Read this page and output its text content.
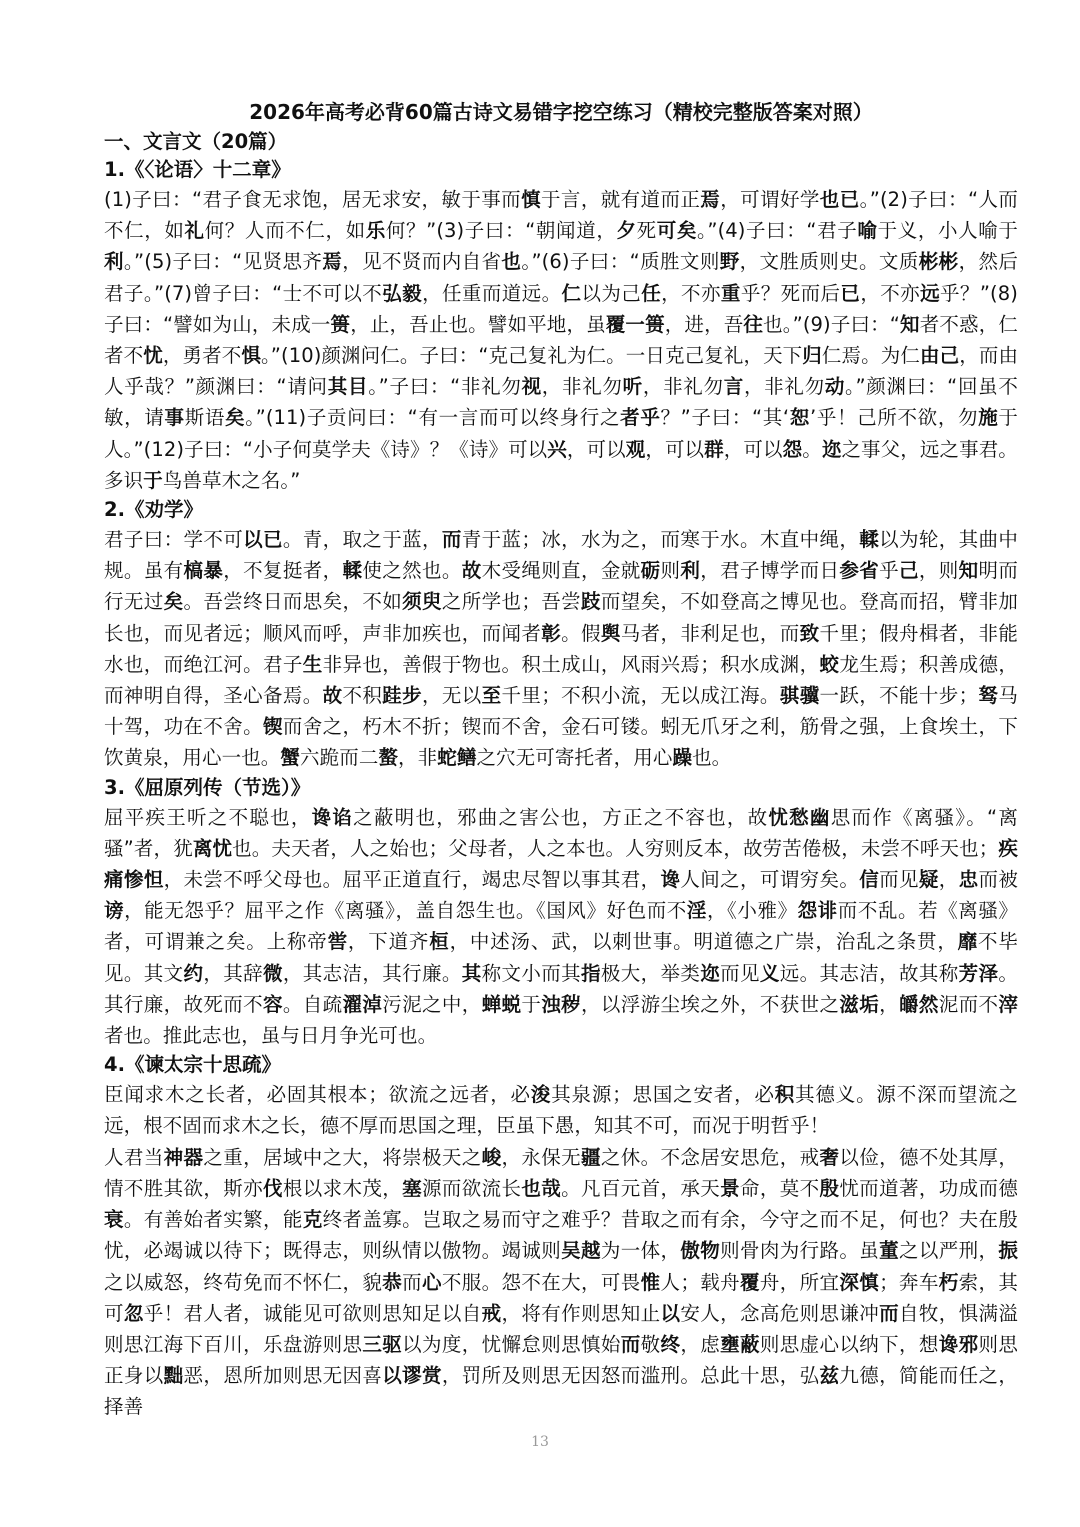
2026年高考必背60篇古诗文易错字挖空练习（精校完整版答案对照）
一、文言文（20篇）
1.《〈论语〉十二章》

(1)子曰：“君子食无求饱，居无求安，敏于事而慎于言，就有道而正焉，可谓好学也已。”(2)子曰：“人而不仁，如礼何？人而不仁，如乐何？”(3)子曰：“朝闻道，夕死可矣。”(4)子曰：“君子喻于义，小人喻于利。”(5)子曰：“见贤思齐焉，见不贤而内自省也。”(6)子曰：“质胜文则野，文胜质则史。文质彬彬，然后君子。”(7)曾子曰：“士不可以不弘毅，任重而道远。仁以为己任，不亦重乎？死而后已，不亦远乎？”(8)子曰：“譬如为山，未成一篑，止，吾止也。譬如平地，虽覆一篑，进，吾往也。”(9)子曰：“知者不惑，仁者不忧，勇者不惧。”(10)颜渊问仁。子曰：“克己复礼为仁。一日克己复礼，天下归仁焉。为仁由己，而由人乎哉？”颜渊曰：“请问其目。”子曰：“非礼勿视，非礼勿听，非礼勿言，非礼勿动。”颜渊曰：“回虽不敏，请事斯语矣。”(11)子贡问曰：“有一言而可以终身行之者乎？”子曰：“其‘恕’乎！己所不欲，勿施于人。”(12)子曰：“小子何莫学夫《诗》？《诗》可以兴，可以观，可以群，可以怨。迩之事父，远之事君。多识于鸟兽草木之名。”

2.《劝学》

君子曰：学不可以已。青，取之于蓝，而青于蓝；冰，水为之，而寒于水。木直中绳，輮以为轮，其曲中规。虽有槁暴，不复挺者，輮使之然也。故木受绳则直，金就砺则利，君子博学而日参省乎己，则知明而行无过矣。吾尝终日而思矣，不如须臾之所学也；吾尝跂而望矣，不如登高之博见也。登高而招，臂非加长也，而见者远；顺风而呼，声非加疾也，而闻者彰。假舆马者，非利足也，而致千里；假舟楫者，非能水也，而绝江河。君子生非异也，善假于物也。积土成山，风雨兴焉；积水成渊，蛟龙生焉；积善成德，而神明自得，圣心备焉。故不积跬步，无以至千里；不积小流，无以成江海。骐骥一跃，不能十步；驽马十驾，功在不舍。锲而舍之，朽木不折；锲而不舍，金石可镂。蚓无爪牙之利，筋骨之强，上食埃土，下饮黄泉，用心一也。蟹六跪而二螯，非蛇鳝之穴无可寄托者，用心躁也。

3.《屈原列传（节选）》

屈平疾王听之不聪也，谗谄之蔽明也，邪曲之害公也，方正之不容也，故忧愁幽思而作《离骚》。“离骚”者，犹离忧也。夫天者，人之始也；父母者，人之本也。人穷则反本，故劳苦倦极，未尝不呼天也；疾痛惨怛，未尝不呼父母也。屈平正道直行，竭忠尽智以事其君，谗人间之，可谓穷矣。信而见疑，忠而被谤，能无怨乎？屈平之作《离骚》，盖自怨生也。《国风》好色而不淫，《小雅》怨诽而不乱。若《离骚》者，可谓兼之矣。上称帝喾，下道齐桓，中述汤、武，以刺世事。明道德之广崇，治乱之条贯，靡不毕见。其文约，其辞微，其志洁，其行廉。其称文小而其指极大，举类迩而见义远。其志洁，故其称芳泽。其行廉，故死而不容。自疏濯淖污泥之中，蝉蜕于浊秽，以浮游尘埃之外，不获世之滋垢，皭然泥而不滓者也。推此志也，虽与日月争光可也。

4.《谏太宗十思疏》

臣闻求木之长者，必固其根本；欲流之远者，必浚其泉源；思国之安者，必积其德义。源不深而望流之远，根不固而求木之长，德不厚而思国之理，臣虽下愚，知其不可，而况于明哲乎！

人君当神器之重，居域中之大，将崇极天之峻，永保无疆之休。不念居安思危，戒奢以俭，德不处其厚，情不胜其欲，斯亦伐根以求木茂，塞源而欲流长也哉。凡百元首，承天景命，莫不殷忧而道著，功成而德衰。有善始者实繁，能克终者盖寡。岂取之易而守之难乎？昔取之而有余，今守之而不足，何也？夫在殷忧，必竭诚以待下；既得志，则纵情以傲物。竭诚则吴越为一体，傲物则骨肉为行路。虽董之以严刑，振之以威怒，终苟免而不怀仁，貌恭而心不服。怨不在大，可畏惟人；载舟覆舟，所宜深慎；奔车朽索，其可忽乎！君人者，诚能见可欲则思知足以自戒，将有作则思知止以安人，念高危则思谦冲而自牧，惧满溢则思江海下百川，乐盘游则思三驱以为度，忧懈怠则思慎始而敬终，虑壅蔽则思虚心以纳下，想谗邪则思正身以黜恶，恩所加则思无因喜以谬赏，罚所及则思无因怒而滥刑。总此十思，弘兹九德，简能而任之，择善

13
